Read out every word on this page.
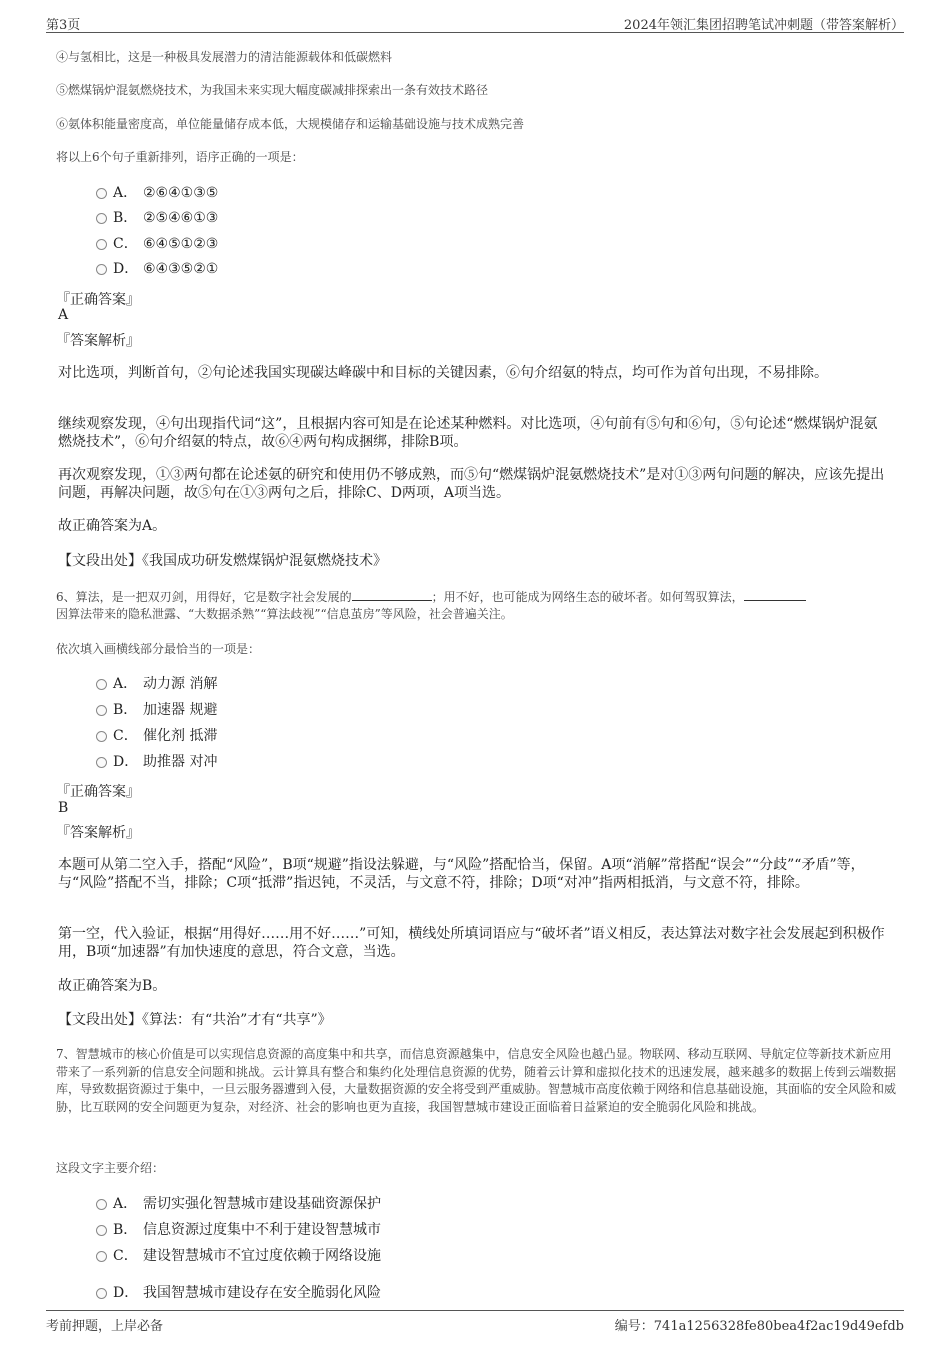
第3页	2024年领汇集团招聘笔试冲刺题（带答案解析）
④与氢相比，这是一种极具发展潜力的清洁能源载体和低碳燃料
⑤燃煤锅炉混氨燃烧技术，为我国未来实现大幅度碳减排探索出一条有效技术路径
⑥氨体积能量密度高，单位能量储存成本低，大规模储存和运输基础设施与技术成熟完善
将以上6个句子重新排列，语序正确的一项是：
A． ②⑥④①③⑤
B． ②⑤④⑥①③
C． ⑥④⑤①②③
D． ⑥④③⑤②①
『正确答案』
A
『答案解析』
对比选项，判断首句，②句论述我国实现碳达峰碳中和目标的关键因素，⑥句介绍氨的特点，均可作为首句出现，不易排除。
继续观察发现，④句出现指代词“这”，且根据内容可知是在论述某种燃料。对比选项，④句前有⑤句和⑥句，⑤句论述“燃煤锅炉混氨燃烧技术”，⑥句介绍氨的特点，故⑥④两句构成捆绑，排除B项。
再次观察发现，①③两句都在论述氨的研究和使用仍不够成熟，而⑤句“燃煤锅炉混氨燃烧技术”是对①③两句问题的解决，应该先提出问题，再解决问题，故⑤句在①③两句之后，排除C、D两项，A项当选。
故正确答案为A。
【文段出处】《我国成功研发燃煤锅炉混氨燃烧技术》
6、算法，是一把双刃剑，用得好，它是数字社会发展的	；用不好，也可能成为网络生态的破坏者。如何驾驭算法，
因算法带来的隐私泄露、“大数据杀熟”“算法歧视”“信息茧房”等风险，社会普遍关注。
依次填入画横线部分最恰当的一项是：
A． 动力源 消解
B． 加速器 规避
C． 催化剂 抵滞
D． 助推器 对冲
『正确答案』
B
『答案解析』
本题可从第二空入手，搭配“风险”，B项“规避”指设法躲避，与“风险”搭配恰当，保留。A项“消解”常搭配“误会”“分歧”“矛盾”等，与“风险”搭配不当，排除；C项“抵滞”指迟钝，不灵活，与文意不符，排除；D项“对冲”指两相抵消，与文意不符，排除。
第一空，代入验证，根据“用得好……用不好……”可知，横线处所填词语应与“破坏者”语义相反，表达算法对数字社会发展起到积极作用，B项“加速器”有加快速度的意思，符合文意，当选。
故正确答案为B。
【文段出处】《算法：有“共治”才有“共享”》
7、智慧城市的核心价值是可以实现信息资源的高度集中和共享，而信息资源越集中，信息安全风险也越凸显。物联网、移动互联网、导航定位等新技术新应用带来了一系列新的信息安全问题和挑战。云计算具有整合和集约化处理信息资源的优势，随着云计算和虚拟化技术的迅速发展，越来越多的数据上传到云端数据库，导致数据资源过于集中，一旦云服务器遭到入侵，大量数据资源的安全将受到严重威胁。智慧城市高度依赖于网络和信息基础设施，其面临的安全风险和威胁，比互联网的安全问题更为复杂，对经济、社会的影响也更为直接，我国智慧城市建设正面临着日益紧迫的安全脆弱化风险和挑战。
这段文字主要介绍：
A． 需切实强化智慧城市建设基础资源保护
B． 信息资源过度集中不利于建设智慧城市
C． 建设智慧城市不宜过度依赖于网络设施
D． 我国智慧城市建设存在安全脆弱化风险
考前押题，上岸必备	编号：741a1256328fe80bea4f2ac19d49efdb
